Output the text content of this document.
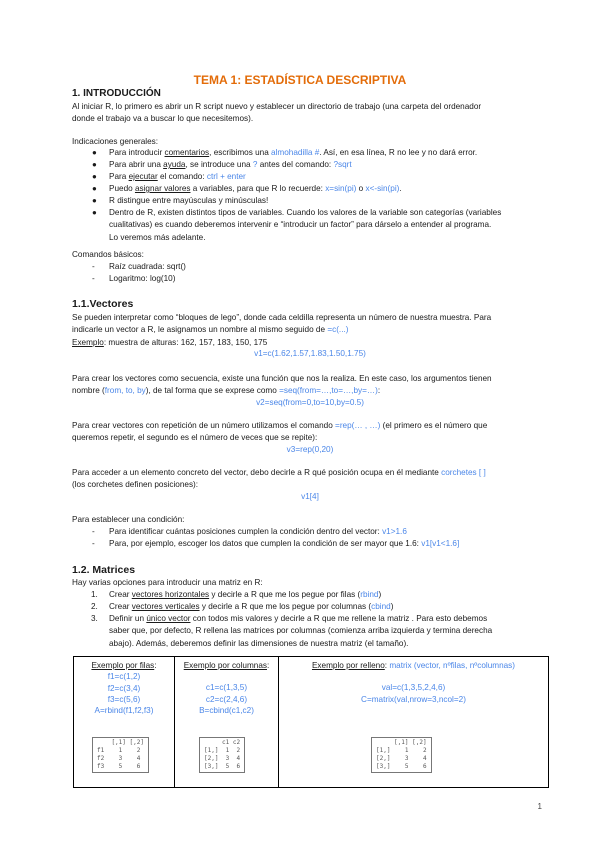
TEMA 1: ESTADÍSTICA DESCRIPTIVA
1. INTRODUCCIÓN
Al iniciar R, lo primero es abrir un R script nuevo y establecer un directorio de trabajo (una carpeta del ordenador
donde el trabajo va a buscar lo que necesitemos).
Indicaciones generales:
● Para introducir comentarios, escribimos una almohadilla #. Así, en esa línea, R no lee y no dará error.
● Para abrir una ayuda, se introduce una ? antes del comando: ?sqrt
● Para ejecutar el comando: ctrl + enter
● Puedo asignar valores a variables, para que R lo recuerde: x=sin(pi) o x<-sin(pi).
● R distingue entre mayúsculas y minúsculas!
● Dentro de R, existen distintos tipos de variables. Cuando los valores de la variable son categorías (variables
cualitativas) es cuando deberemos intervenir e “introducir un factor” para dárselo a entender al programa.
Lo veremos más adelante.
Comandos básicos:
- Raíz cuadrada: sqrt()
- Logaritmo: log(10)
1.1.Vectores
Se pueden interpretar como “bloques de lego”, donde cada celdilla representa un número de nuestra muestra. Para
indicarle un vector a R, le asignamos un nombre al mismo seguido de =c(...)
Exemplo: muestra de alturas: 162, 157, 183, 150, 175
v1=c(1.62,1.57,1.83,1.50,1.75)
Para crear los vectores como secuencia, existe una función que nos la realiza. En este caso, los argumentos tienen
nombre (from, to, by), de tal forma que se exprese como =seq(from=…,to=…,by=…):
v2=seq(from=0,to=10,by=0.5)
Para crear vectores con repetición de un número utilizamos el comando =rep(… , …) (el primero es el número que
queremos repetir, el segundo es el número de veces que se repite):
v3=rep(0,20)
Para acceder a un elemento concreto del vector, debo decirle a R qué posición ocupa en él mediante corchetes [ ]
(los corchetes definen posiciones):
v1[4]
Para establecer una condición:
- Para identificar cuántas posiciones cumplen la condición dentro del vector: v1>1.6
- Para, por ejemplo, escoger los datos que cumplen la condición de ser mayor que 1.6: v1[v1<1.6]
1.2. Matrices
Hay varias opciones para introducir una matriz en R:
1. Crear vectores horizontales y decirle a R que me los pegue por filas (rbind)
2. Crear vectores verticales y decirle a R que me los pegue por columnas (cbind)
3. Definir un único vector con todos mis valores y decirle a R que me rellene la matriz . Para esto debemos
saber que, por defecto, R rellena las matrices por columnas (comienza arriba izquierda y termina derecha
abajo). Además, deberemos definir las dimensiones de nuestra matriz (el tamaño).
Exemplo por filas:
f1=c(1,2)
f2=c(3,4)
f3=c(5,6)
A=rbind(f1,f2,f3)
[,1] [,2]
f1    1    2
f2    3    4
f3    5    6

Exemplo por columnas:
c1=c(1,3,5)
c2=c(2,4,6)
B=cbind(c1,c2)
c1 c2
[1,]  1  2
[2,]  3  4
[3,]  5  6

Exemplo por relleno: matrix (vector, nºfilas, nºcolumnas)
val=c(1,3,5,2,4,6)
C=matrix(val,nrow=3,ncol=2)
[,1] [,2]
[1,]    1    2
[2,]    3    4
[3,]    5    6
1
